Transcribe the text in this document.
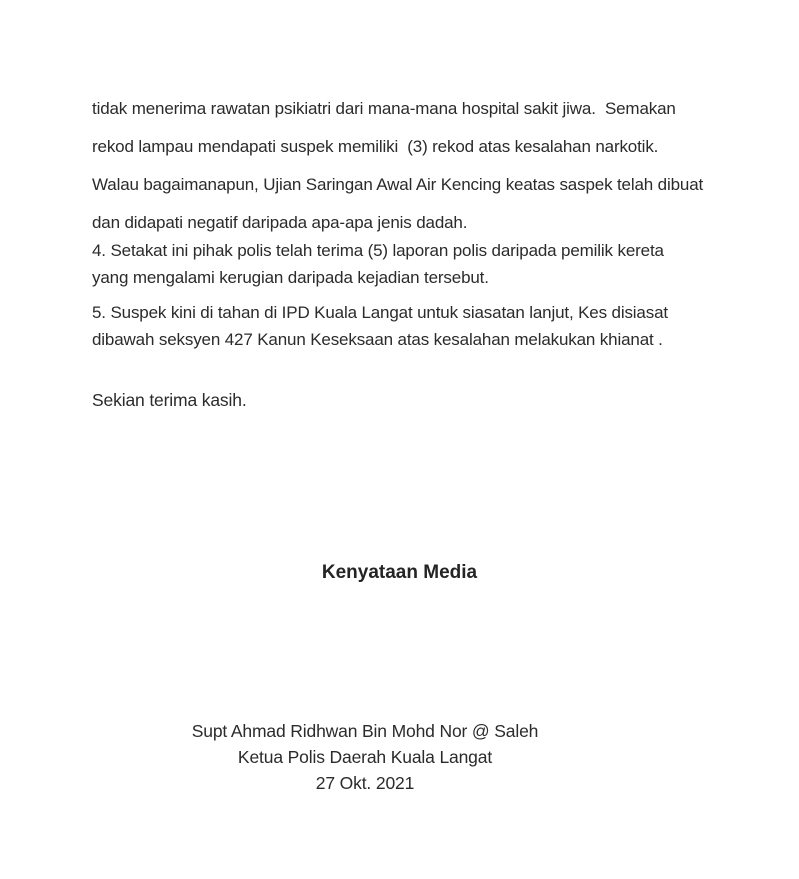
tidak menerima rawatan psikiatri dari mana-mana hospital sakit jiwa.  Semakan
rekod lampau mendapati suspek memiliki  (3) rekod atas kesalahan narkotik.
Walau bagaimanapun, Ujian Saringan Awal Air Kencing keatas saspek telah dibuat
dan didapati negatif daripada apa-apa jenis dadah.
4. Setakat ini pihak polis telah terima (5) laporan polis daripada pemilik kereta
yang mengalami kerugian daripada kejadian tersebut.
5. Suspek kini di tahan di IPD Kuala Langat untuk siasatan lanjut, Kes disiasat
dibawah seksyen 427 Kanun Keseksaan atas kesalahan melakukan khianat .
Sekian terima kasih.
Kenyataan Media
Supt Ahmad Ridhwan Bin Mohd Nor @ Saleh
Ketua Polis Daerah Kuala Langat
27 Okt. 2021
